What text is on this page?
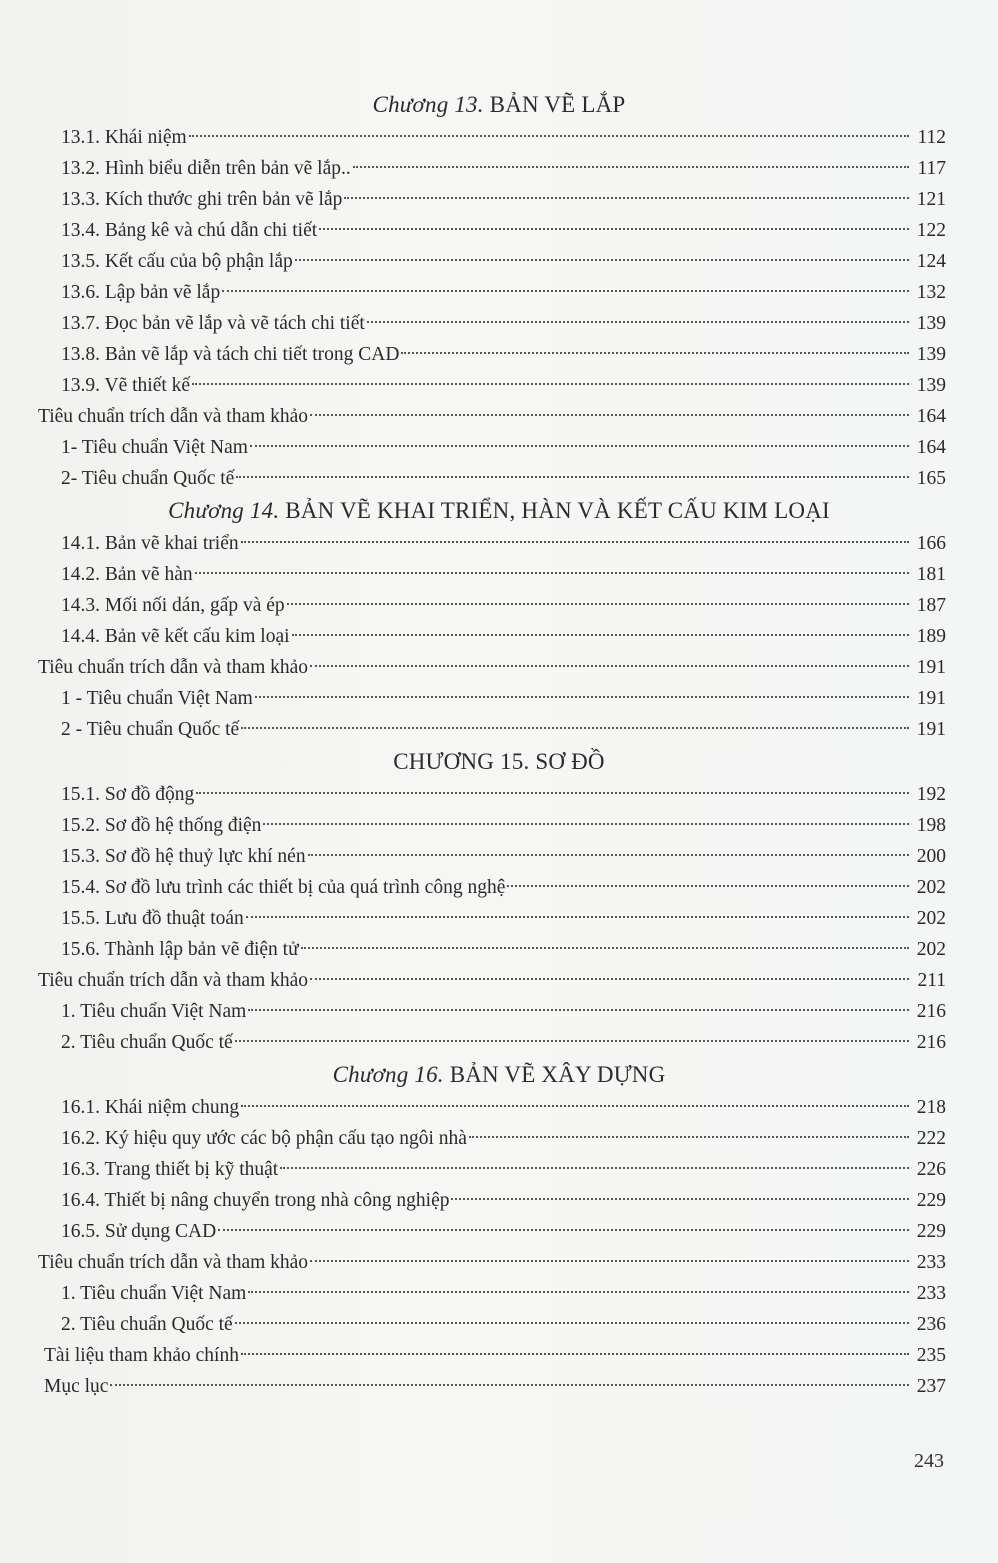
Chương 13. BẢN VẼ LẮP
13.1. Khái niệm	112
13.2. Hình biểu diễn trên bản vẽ lắp..	117
13.3. Kích thước ghi trên bản vẽ lắp	121
13.4. Bảng kê và chú dẫn chi tiết	122
13.5. Kết cấu của bộ phận lắp	124
13.6. Lập bản vẽ lắp	132
13.7. Đọc bản vẽ lắp và vẽ tách chi tiết	139
13.8. Bản vẽ lắp và tách chi tiết trong CAD	139
13.9. Vẽ thiết kế	139
Tiêu chuẩn trích dẫn và tham khảo	164
1- Tiêu chuẩn Việt Nam	164
2- Tiêu chuẩn Quốc tế	165
Chương 14. BẢN VẼ KHAI TRIỂN, HÀN VÀ KẾT CẤU KIM LOẠI
14.1. Bản vẽ khai triển	166
14.2. Bản vẽ hàn	181
14.3. Mối nối dán, gấp và ép	187
14.4. Bản vẽ kết cấu kim loại	189
Tiêu chuẩn trích dẫn và tham khảo	191
1 - Tiêu chuẩn Việt Nam	191
2 - Tiêu chuẩn Quốc tế	191
CHƯƠNG 15. SƠ ĐỒ
15.1. Sơ đồ động	192
15.2. Sơ đồ hệ thống điện	198
15.3. Sơ đồ hệ thuỷ lực khí nén	200
15.4. Sơ đồ lưu trình các thiết bị của quá trình công nghệ	202
15.5. Lưu đồ thuật toán	202
15.6. Thành lập bản vẽ điện tử	202
Tiêu chuẩn trích dẫn và tham khảo	211
1. Tiêu chuẩn Việt Nam	216
2. Tiêu chuẩn Quốc tế	216
Chương 16. BẢN VẼ XÂY DỰNG
16.1. Khái niệm chung	218
16.2. Ký hiệu quy ước các bộ phận cấu tạo ngôi nhà	222
16.3. Trang thiết bị kỹ thuật	226
16.4. Thiết bị nâng chuyển trong nhà công nghiệp	229
16.5. Sử dụng CAD	229
Tiêu chuẩn trích dẫn và tham khảo	233
1. Tiêu chuẩn Việt Nam	233
2. Tiêu chuẩn Quốc tế	236
Tài liệu tham khảo chính	235
Mục lục	237
243
